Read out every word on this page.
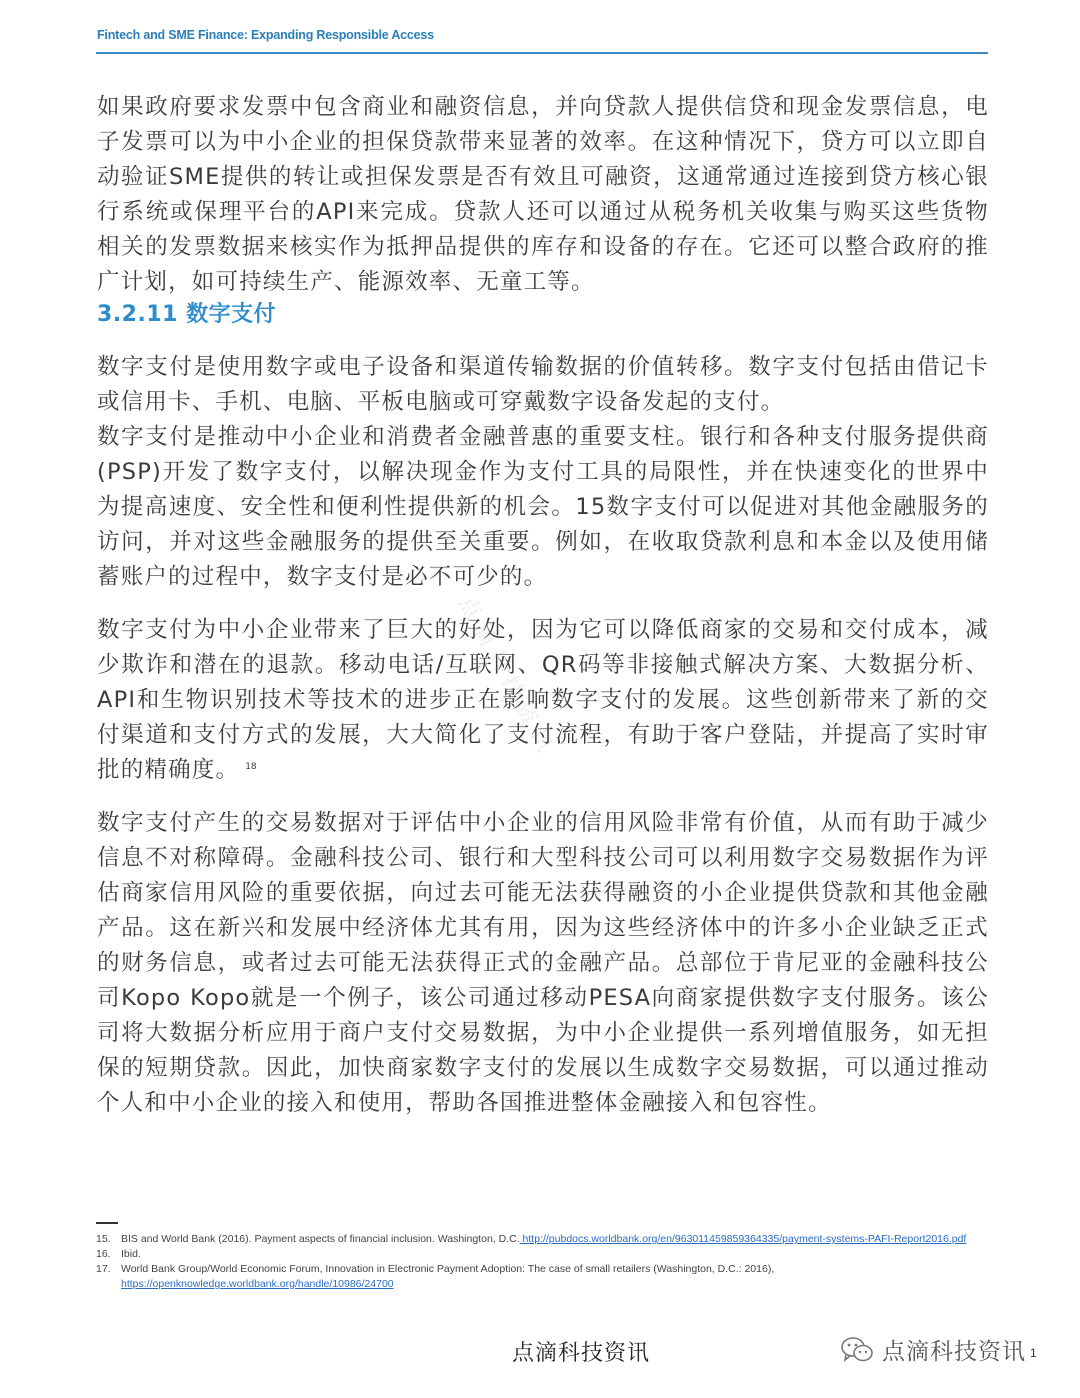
Fintech and SME Finance: Expanding Responsible Access

如果政府要求发票中包含商业和融资信息，并向贷款人提供信贷和现金发票信息，电子发票可以为中小企业的担保贷款带来显著的效率。在这种情况下，贷方可以立即自动验证SME提供的转让或担保发票是否有效且可融资，这通常通过连接到贷方核心银行系统或保理平台的API来完成。贷款人还可以通过从税务机关收集与购买这些货物相关的发票数据来核实作为抵押品提供的库存和设备的存在。它还可以整合政府的推广计划，如可持续生产、能源效率、无童工等。

3.2.11 数字支付

数字支付是使用数字或电子设备和渠道传输数据的价值转移。数字支付包括由借记卡或信用卡、手机、电脑、平板电脑或可穿戴数字设备发起的支付。

数字支付是推动中小企业和消费者金融普惠的重要支柱。银行和各种支付服务提供商(PSP)开发了数字支付，以解决现金作为支付工具的局限性，并在快速变化的世界中为提高速度、安全性和便利性提供新的机会。15数字支付可以促进对其他金融服务的访问，并对这些金融服务的提供至关重要。例如，在收取贷款利息和本金以及使用储蓄账户的过程中，数字支付是必不可少的。

数字支付为中小企业带来了巨大的好处，因为它可以降低商家的交易和交付成本，减少欺诈和潜在的退款。移动电话/互联网、QR码等非接触式解决方案、大数据分析、API和生物识别技术等技术的进步正在影响数字支付的发展。这些创新带来了新的交付渠道和支付方式的发展，大大简化了支付流程，有助于客户登陆，并提高了实时审批的精确度。 $^{18}$

数字支付产生的交易数据对于评估中小企业的信用风险非常有价值，从而有助于减少信息不对称障碍。金融科技公司、银行和大型科技公司可以利用数字交易数据作为评估商家信用风险的重要依据，向过去可能无法获得融资的小企业提供贷款和其他金融产品。这在新兴和发展中经济体尤其有用，因为这些经济体中的许多小企业缺乏正式的财务信息，或者过去可能无法获得正式的金融产品。总部位于肯尼亚的金融科技公司Kopo Kopo就是一个例子，该公司通过移动PESA向商家提供数字支付服务。该公司将大数据分析应用于商户支付交易数据，为中小企业提供一系列增值服务，如无担保的短期贷款。因此，加快商家数字支付的发展以生成数字交易数据，可以通过推动个人和中小企业的接入和使用，帮助各国推进整体金融接入和包容性。

点滴科技资讯
15. BIS and World Bank (2016). Payment aspects of financial inclusion. Washington, D.C. http://pubdocs.worldbank.org/en/963011459859364335/payment-systems-PAFI-Report2016.pdf
16. Ibid.
17. World Bank Group/World Economic Forum, Innovation in Electronic Payment Adoption: The case of small retailers (Washington, D.C.: 2016), https://openknowledge.worldbank.org/handle/10986/24700
点滴科技资讯	点滴科技资讯 1
